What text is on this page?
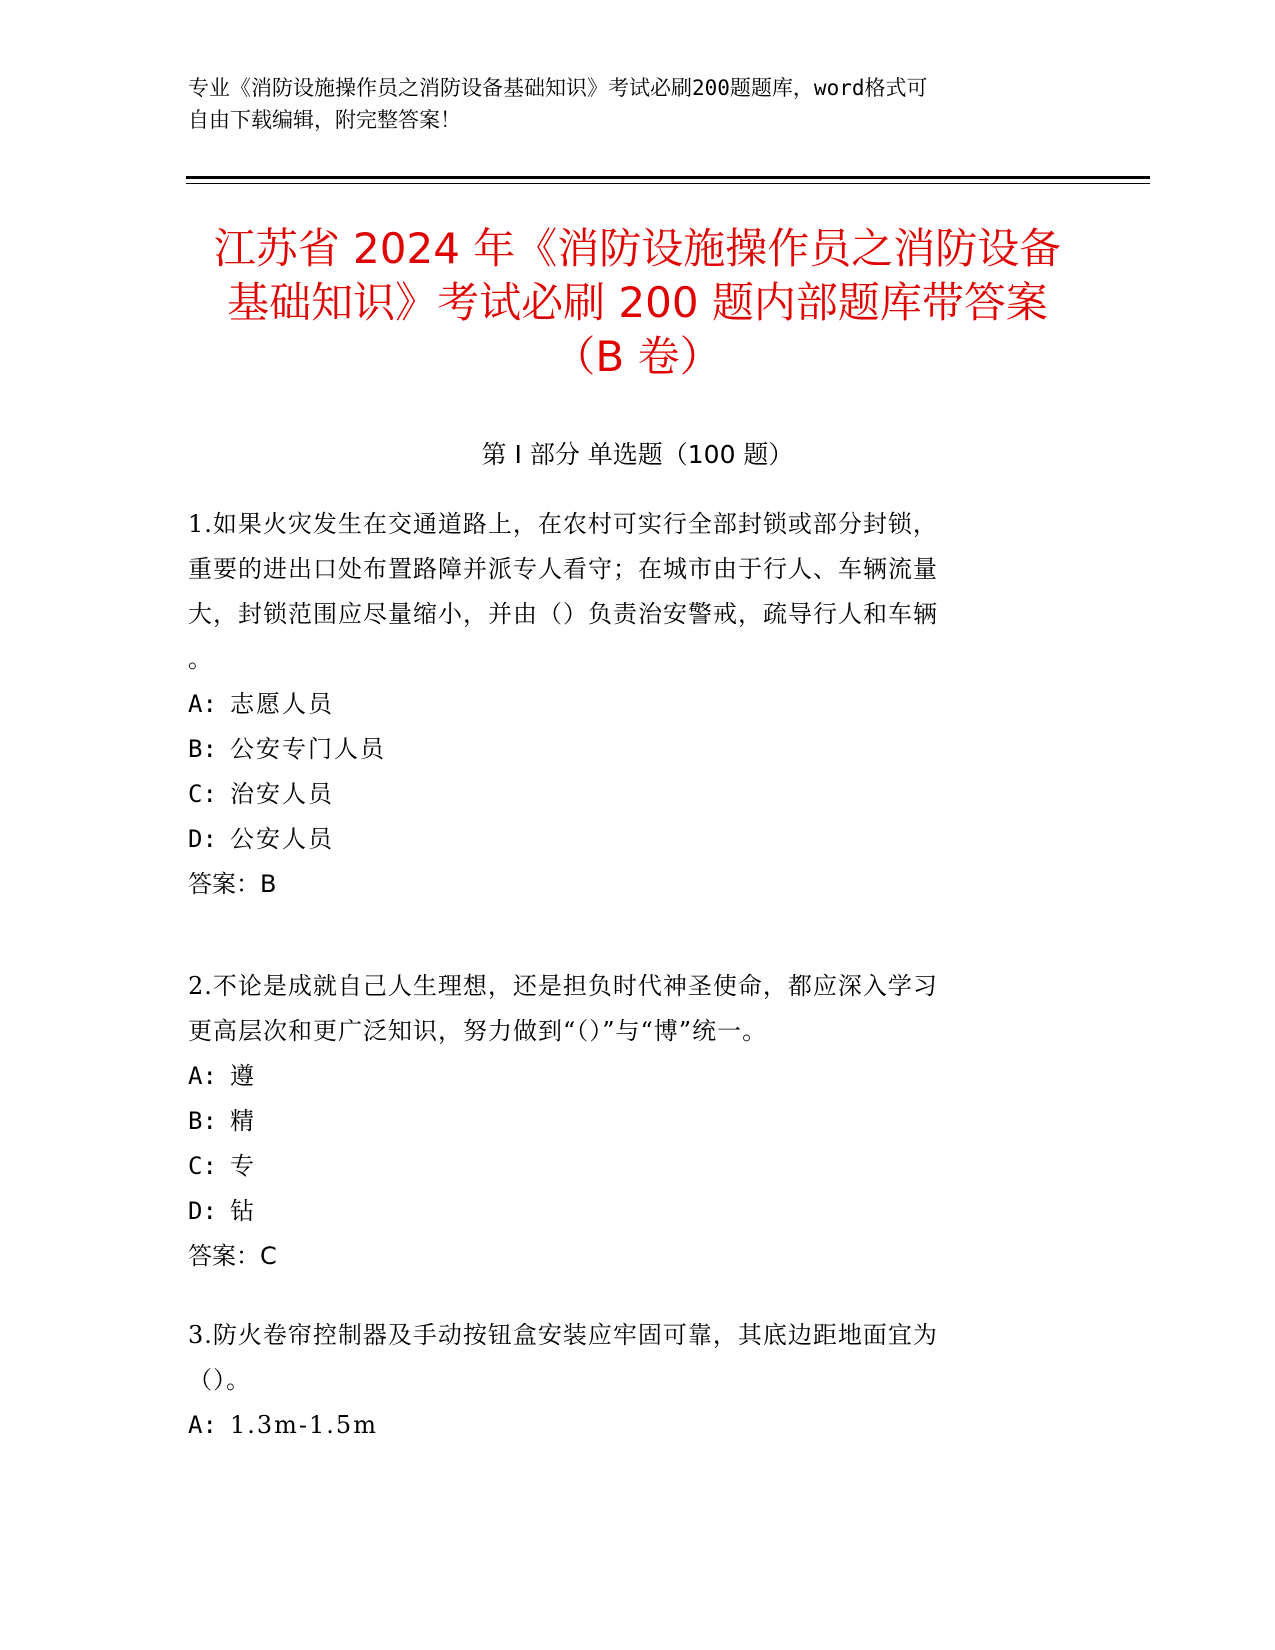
专业《消防设施操作员之消防设备基础知识》考试必刷200题题库，word格式可
自由下载编辑，附完整答案！
江苏省 2024 年《消防设施操作员之消防设备
基础知识》考试必刷 200 题内部题库带答案
（B 卷）
第 I 部分 单选题（100 题）
1.如果火灾发生在交通道路上，在农村可实行全部封锁或部分封锁，
重要的进出口处布置路障并派专人看守；在城市由于行人、车辆流量
大，封锁范围应尽量缩小，并由（）负责治安警戒，疏导行人和车辆
。
A: 志愿人员
B: 公安专门人员
C: 治安人员
D: 公安人员
答案：B
2.不论是成就自己人生理想，还是担负时代神圣使命，都应深入学习
更高层次和更广泛知识，努力做到“（）”与“博”统一。
A: 遵
B: 精
C: 专
D: 钻
答案：C
3.防火卷帘控制器及手动按钮盒安装应牢固可靠，其底边距地面宜为
（）。
A: 1.3m-1.5m
